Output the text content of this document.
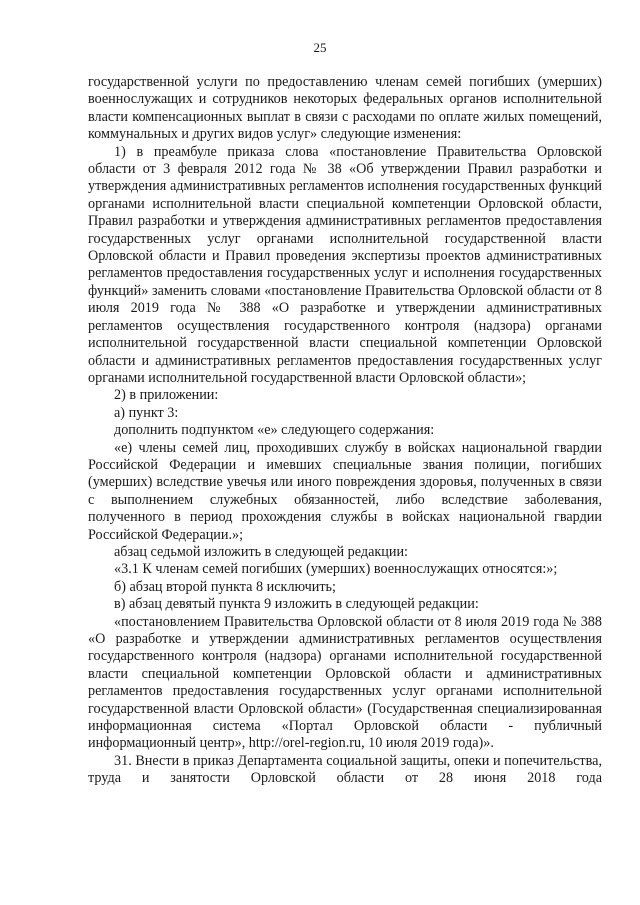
25

государственной услуги по предоставлению членам семей погибших (умерших) военнослужащих и сотрудников некоторых федеральных органов исполнительной власти компенсационных выплат в связи с расходами по оплате жилых помещений, коммунальных и других видов услуг» следующие изменения:

1) в преамбуле приказа слова «постановление Правительства Орловской области от 3 февраля 2012 года № 38 «Об утверждении Правил разработки и утверждения административных регламентов исполнения государственных функций органами исполнительной власти специальной компетенции Орловской области, Правил разработки и утверждения административных регламентов предоставления государственных услуг органами исполнительной государственной власти Орловской области и Правил проведения экспертизы проектов административных регламентов предоставления государственных услуг и исполнения государственных функций» заменить словами «постановление Правительства Орловской области от 8 июля 2019 года № 388 «О разработке и утверждении административных регламентов осуществления государственного контроля (надзора) органами исполнительной государственной власти специальной компетенции Орловской области и административных регламентов предоставления государственных услуг органами исполнительной государственной власти Орловской области»;

2) в приложении:

а) пункт 3:

дополнить подпунктом «е» следующего содержания:

«е) члены семей лиц, проходивших службу в войсках национальной гвардии Российской Федерации и имевших специальные звания полиции, погибших (умерших) вследствие увечья или иного повреждения здоровья, полученных в связи с выполнением служебных обязанностей, либо вследствие заболевания, полученного в период прохождения службы в войсках национальной гвардии Российской Федерации.»;

абзац седьмой изложить в следующей редакции:

«3.1 К членам семей погибших (умерших) военнослужащих относятся:»;

б) абзац второй пункта 8 исключить;

в) абзац девятый пункта 9 изложить в следующей редакции:

«постановлением Правительства Орловской области от 8 июля 2019 года № 388 «О разработке и утверждении административных регламентов осуществления государственного контроля (надзора) органами исполнительной государственной власти специальной компетенции Орловской области и административных регламентов предоставления государственных услуг органами исполнительной государственной власти Орловской области» (Государственная специализированная информационная система «Портал Орловской области - публичный информационный центр», http://orel-region.ru, 10 июля 2019 года)».

31. Внести в приказ Департамента социальной защиты, опеки и попечительства, труда и занятости Орловской области от 28 июня 2018 года
